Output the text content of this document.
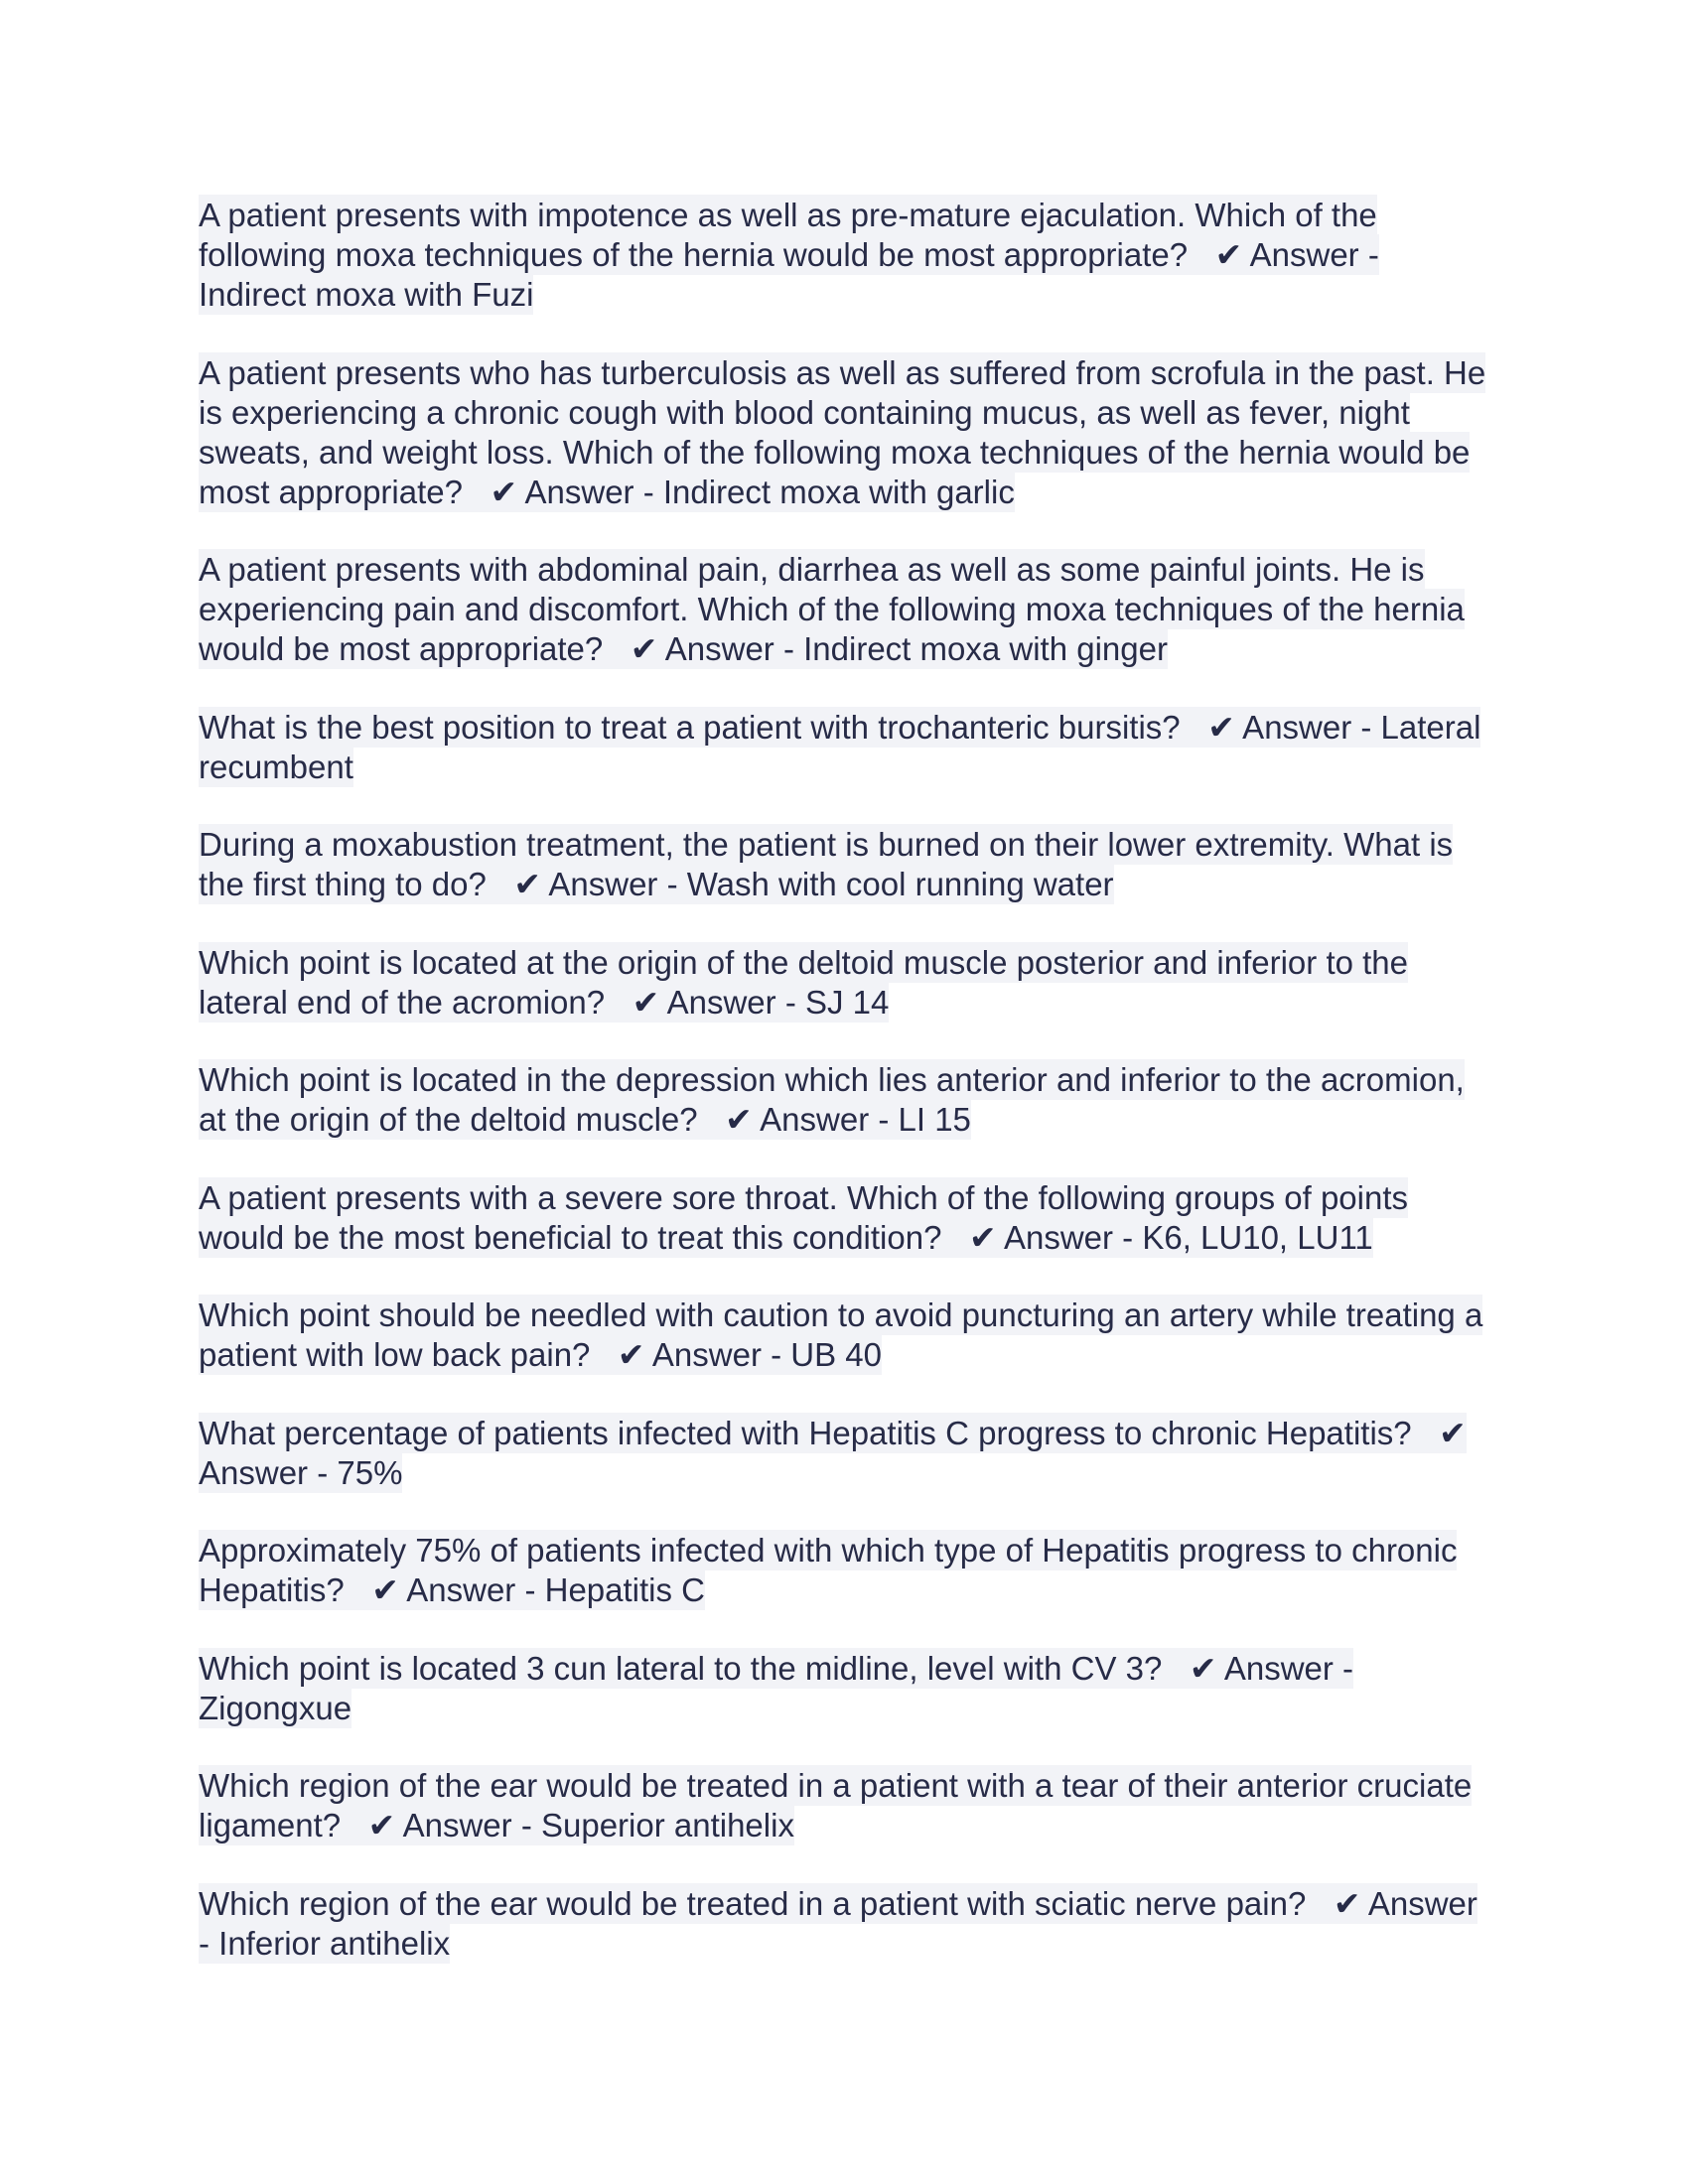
A patient presents with impotence as well as pre-mature ejaculation. Which of the following moxa techniques of the hernia would be most appropriate? ✔ Answer - Indirect moxa with Fuzi

A patient presents who has turberculosis as well as suffered from scrofula in the past. He is experiencing a chronic cough with blood containing mucus, as well as fever, night sweats, and weight loss. Which of the following moxa techniques of the hernia would be most appropriate? ✔ Answer - Indirect moxa with garlic

A patient presents with abdominal pain, diarrhea as well as some painful joints. He is experiencing pain and discomfort. Which of the following moxa techniques of the hernia would be most appropriate? ✔ Answer - Indirect moxa with ginger

What is the best position to treat a patient with trochanteric bursitis? ✔ Answer - Lateral recumbent

During a moxabustion treatment, the patient is burned on their lower extremity. What is the first thing to do? ✔ Answer - Wash with cool running water

Which point is located at the origin of the deltoid muscle posterior and inferior to the lateral end of the acromion? ✔ Answer - SJ 14

Which point is located in the depression which lies anterior and inferior to the acromion, at the origin of the deltoid muscle? ✔ Answer - LI 15

A patient presents with a severe sore throat. Which of the following groups of points would be the most beneficial to treat this condition? ✔ Answer - K6, LU10, LU11

Which point should be needled with caution to avoid puncturing an artery while treating a patient with low back pain? ✔ Answer - UB 40

What percentage of patients infected with Hepatitis C progress to chronic Hepatitis? ✔ Answer - 75%

Approximately 75% of patients infected with which type of Hepatitis progress to chronic Hepatitis? ✔ Answer - Hepatitis C

Which point is located 3 cun lateral to the midline, level with CV 3? ✔ Answer - Zigongxue

Which region of the ear would be treated in a patient with a tear of their anterior cruciate ligament? ✔ Answer - Superior antihelix

Which region of the ear would be treated in a patient with sciatic nerve pain? ✔ Answer - Inferior antihelix
